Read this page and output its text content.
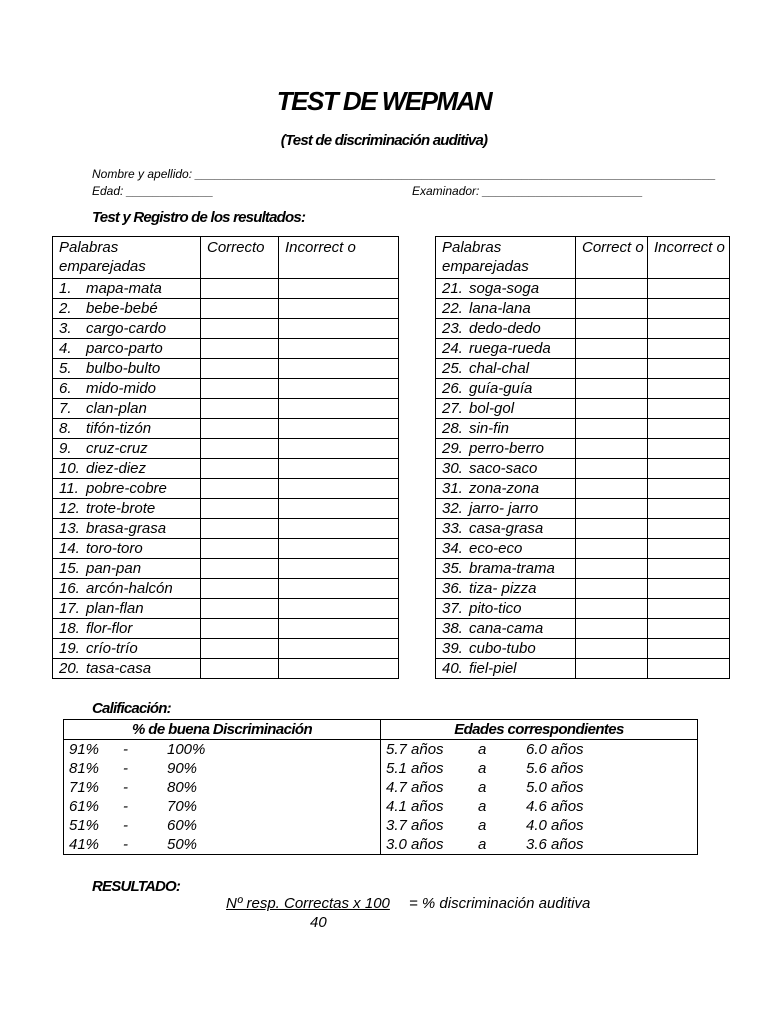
TEST DE WEPMAN
(Test de discriminación auditiva)
Nombre y apellido: ______________________________________________________________________________
Edad: _____________	Examinador: ________________________
Test y Registro de los resultados:
Palabras emparejadas	Correcto	Incorrect o
1. mapa-mata		
2. bebe-bebé		
3. cargo-cardo		
4. parco-parto		
5. bulbo-bulto		
6. mido-mido		
7. clan-plan		
8. tifón-tizón		
9. cruz-cruz		
10. diez-diez		
11. pobre-cobre		
12. trote-brote		
13. brasa-grasa		
14. toro-toro		
15. pan-pan		
16. arcón-halcón		
17. plan-flan		
18. flor-flor		
19. crío-trío		
20. tasa-casa		
Palabras emparejadas	Correct o	Incorrect o
21. soga-soga		
22. lana-lana		
23. dedo-dedo		
24. ruega-rueda		
25. chal-chal		
26. guía-guía		
27. bol-gol		
28. sin-fin		
29. perro-berro		
30. saco-saco		
31. zona-zona		
32. jarro- jarro		
33. casa-grasa		
34. eco-eco		
35. brama-trama		
36. tiza- pizza		
37. pito-tico		
38. cana-cama		
39. cubo-tubo		
40. fiel-piel		
Calificación:
% de buena Discriminación	Edades correspondientes
91% - 100%	5.7 años a 6.0 años
81% - 90%	5.1 años a 5.6 años
71% - 80%	4.7 años a 5.0 años
61% - 70%	4.1 años a 4.6 años
51% - 60%	3.7 años a 4.0 años
41% - 50%	3.0 años a 3.6 años
RESULTADO:
Nº resp. Correctas x 100 = % discriminación auditiva
40
